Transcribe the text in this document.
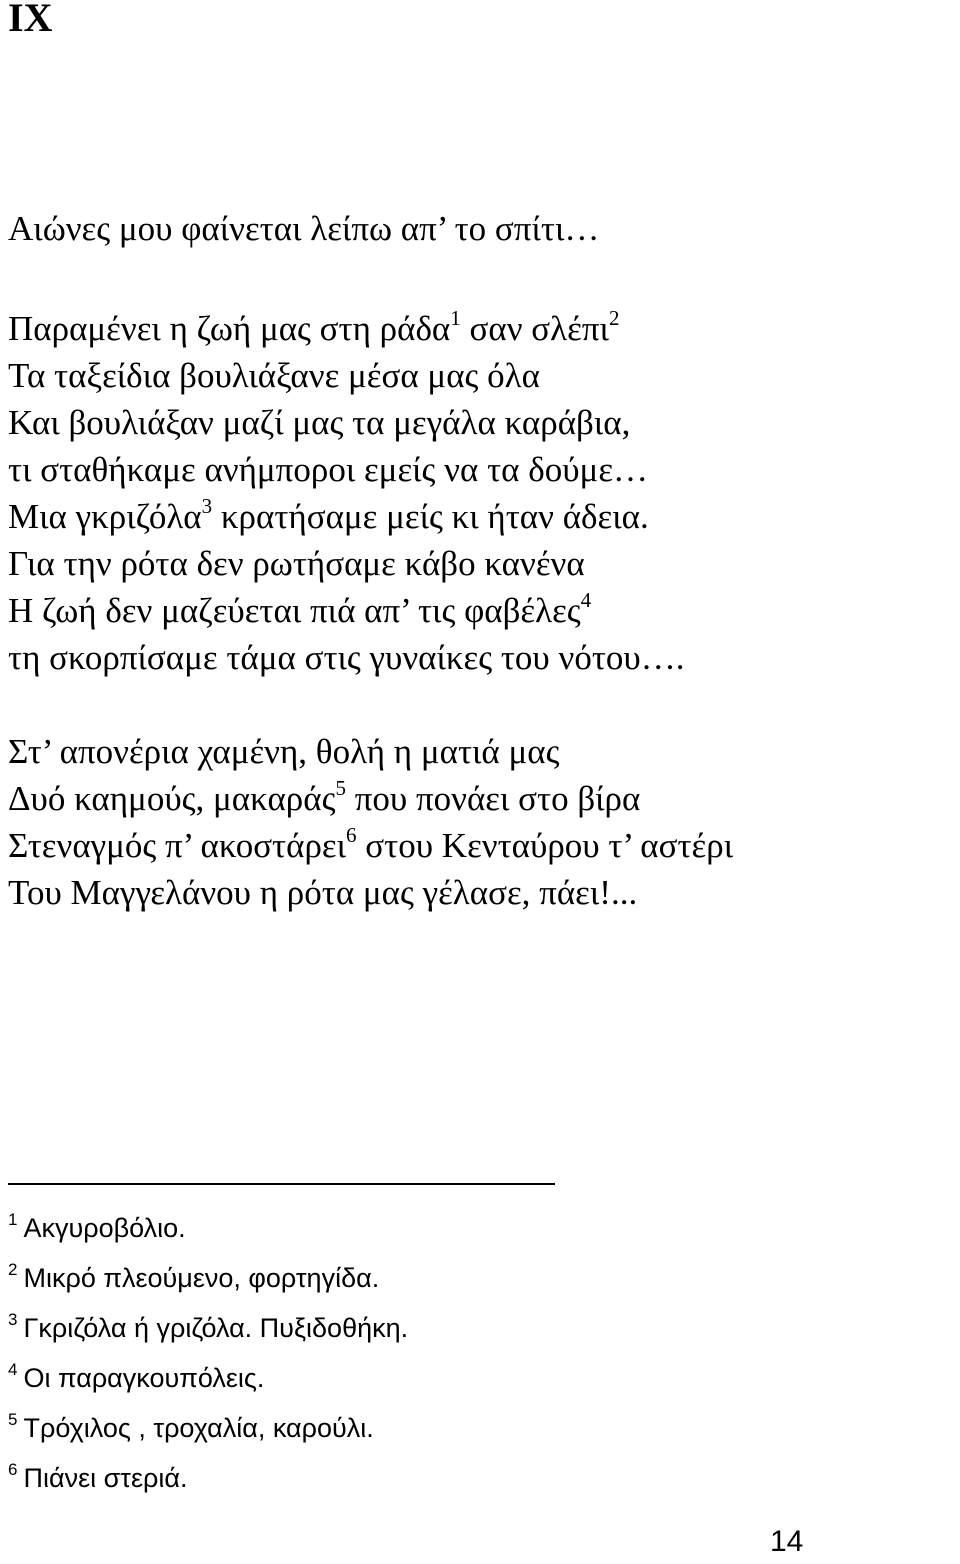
IX
Αιώνες μου φαίνεται λείπω απ’ το σπίτι…
Παραμένει η ζωή μας στη ράδα$^1$ σαν σλέπι$^2$
Τα ταξείδια βουλιάξανε μέσα μας όλα
Και βουλιάξαν μαζί μας τα μεγάλα καράβια,
τι σταθήκαμε ανήμποροι εμείς να τα δούμε…
Μια γκριζόλα$^3$ κρατήσαμε μείς κι ήταν άδεια.
Για την ρότα δεν ρωτήσαμε κάβο κανένα
Η ζωή δεν μαζεύεται πιά απ’ τις φαβέλες$^4$
τη σκορπίσαμε τάμα στις γυναίκες του νότου….
Στ’ απονέρια χαμένη, θολή η ματιά μας
Δυό καημούς, μακαράς$^5$ που πονάει στο βίρα
Στεναγμός π’ ακοστάρει$^6$ στου Κενταύρου τ’ αστέρι
Του Μαγγελάνου η ρότα μας γέλασε, πάει!...
$^1$ Ακγυροβόλιο.
$^2$ Μικρό πλεούμενο, φορτηγίδα.
$^3$ Γκριζόλα ή γριζόλα. Πυξιδοθήκη.
$^4$ Οι παραγκουπόλεις.
$^5$ Τρόχιλος , τροχαλία, καρούλι.
$^6$ Πιάνει στεριά.
14
